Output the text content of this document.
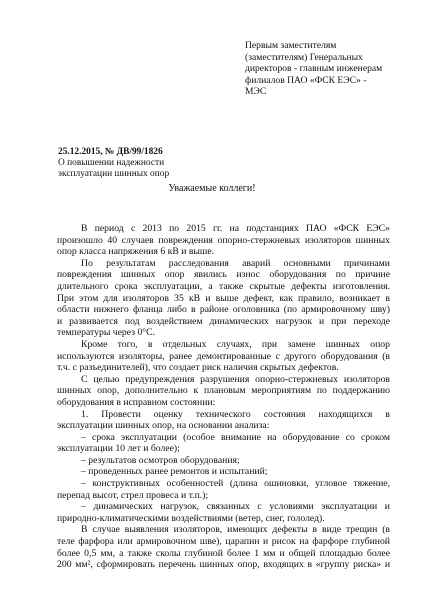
Первым заместителям
(заместителям) Генеральных
директоров - главным инженерам
филиалов ПАО «ФСК ЕЭС» -
МЭС
25.12.2015, № ДВ/99/1826
О повышении надежности
эксплуатации шинных опор
Уважаемые коллеги!
В период с 2013 по 2015 гг. на подстанциях ПАО «ФСК ЕЭС»
произошло 40 случаев повреждения опорно-стержневых изоляторов шинных
опор класса напряжения 6 кВ и выше.
По результатам расследования аварий основными причинами
повреждения шинных опор явились износ оборудования по причине
длительного срока эксплуатации, а также скрытые дефекты изготовления.
При этом для изоляторов 35 кВ и выше дефект, как правило, возникает в
области нижнего фланца либо в районе оголовника (по армировочному шву)
и развивается под воздействием динамических нагрузок и при переходе
температуры через 0°С.
Кроме того, в отдельных случаях, при замене шинных опор
используются изоляторы, ранее демонтированные с другого оборудования (в
т.ч. с разъединителей), что создает риск наличия скрытых дефектов.
С целью предупреждения разрушения опорно-стержневых изоляторов
шинных опор, дополнительно к плановым мероприятиям по поддержанию
оборудования в исправном состоянии:
1. Провести оценку технического состояния находящихся в
эксплуатации шинных опор, на основании анализа:
– срока эксплуатации (особое внимание на оборудование со сроком
эксплуатации 10 лет и более);
– результатов осмотров оборудования;
– проведенных ранее ремонтов и испытаний;
– конструктивных особенностей (длина ошиновки, угловое тяжение,
перепад высот, стрел провеса и т.п.);
– динамических нагрузок, связанных с условиями эксплуатации и
природно-климатическими воздействиями (ветер, снег, гололед).
В случае выявления изоляторов, имеющих дефекты в виде трещин (в
теле фарфора или армировочном шве), царапин и рисок на фарфоре глубиной
более 0,5 мм, а также сколы глубиной более 1 мм и общей площадью более
200 мм², сформировать перечень шинных опор, входящих в «группу риска» и
